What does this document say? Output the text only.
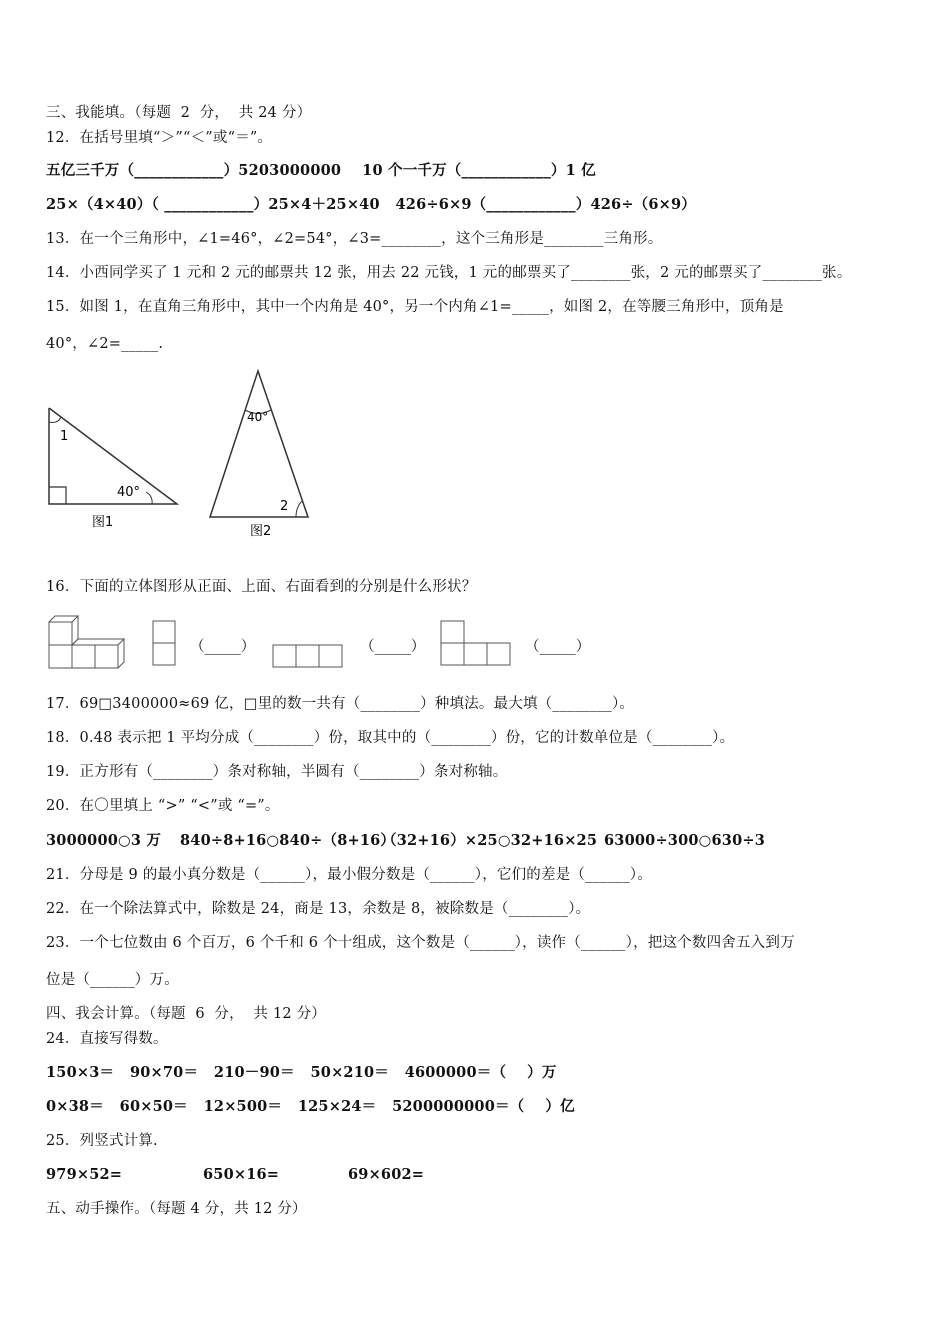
三、我能填。（每题  2  分，  共 24 分）
12．在括号里填“＞”“＜”或“＝”。
五亿三千万（____________）5203000000    10 个一千万（____________）1 亿
25×（4×40）（ ____________）25×4＋25×40   426÷6×9（____________）426÷（6×9）
13．在一个三角形中，∠1=46°，∠2=54°，∠3=________，这个三角形是________三角形。
14．小西同学买了 1 元和 2 元的邮票共 12 张，用去 22 元钱，1 元的邮票买了________张，2 元的邮票买了________张。
15．如图 1，在直角三角形中，其中一个内角是 40°，另一个内角∠1=_____，如图 2，在等腰三角形中，顶角是
40°，∠2=_____.
1
40°
图1
40°
2
图2
16．下面的立体图形从正面、上面、右面看到的分别是什么形状？
（_____）	（_____）	（_____）
17．69□3400000≈69 亿，□里的数一共有（________）种填法。最大填（________）。
18．0.48 表示把 1 平均分成（________）份，取其中的（________）份，它的计数单位是（________）。
19．正方形有（________）条对称轴，半圆有（________）条对称轴。
20．在〇里填上 “>” “<”或 “=”。
3000000○3 万 840÷8+16○840÷（8+16）
（32+16）×25○32+16×25 63000÷300○630÷3
21．分母是 9 的最小真分数是（______），最小假分数是（______），它们的差是（______）。
22．在一个除法算式中，除数是 24，商是 13，余数是 8，被除数是（________）。
23．一个七位数由 6 个百万，6 个千和 6 个十组成，这个数是（______），读作（______），把这个数四舍五入到万
位是（______）万。
四、我会计算。（每题  6  分，  共 12 分）
24．直接写得数。
150×3＝   90×70＝   210－90＝   50×210＝   4600000＝（    ）万
0×38＝   60×50＝   12×500＝   125×24＝   5200000000＝（    ）亿
25．列竖式计算.
979×52=	650×16=	69×602=
五、动手操作。（每题 4 分，共 12 分）
